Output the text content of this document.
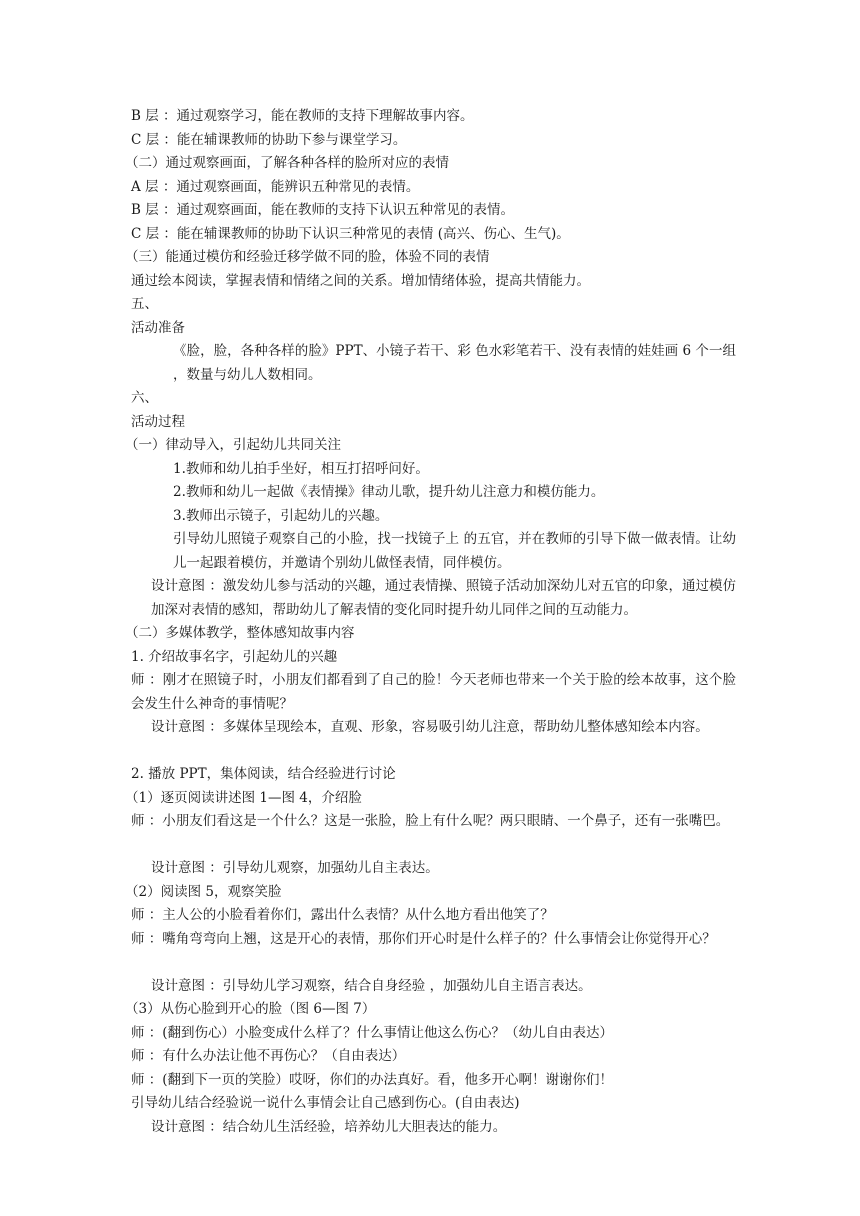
B 层 ：通过观察学习，能在教师的支持下理解故事内容。
C 层 ：能在辅课教师的协助下参与课堂学习。
（二）通过观察画面，了解各种各样的脸所对应的表情
A 层 ：通过观察画面，能辨识五种常见的表情。
B 层 ：通过观察画面，能在教师的支持下认识五种常见的表情。
C 层 ：能在辅课教师的协助下认识三种常见的表情 (高兴、伤心、生气)。
（三）能通过模仿和经验迁移学做不同的脸，体验不同的表情
通过绘本阅读，掌握表情和情绪之间的关系。增加情绪体验，提高共情能力。
五、
活动准备
《脸，脸，各种各样的脸》PPT、小镜子若干、彩 色水彩笔若干、没有表情的娃娃画 6 个一组 ，数量与幼儿人数相同。
六、
活动过程
（一）律动导入，引起幼儿共同关注
1.教师和幼儿拍手坐好，相互打招呼问好。
2.教师和幼儿一起做《表情操》律动儿歌，提升幼儿注意力和模仿能力。
3.教师出示镜子，引起幼儿的兴趣。
引导幼儿照镜子观察自己的小脸，找一找镜子上 的五官，并在教师的引导下做一做表情。让幼儿一起跟着模仿，并邀请个别幼儿做怪表情，同伴模仿。
设计意图 ：激发幼儿参与活动的兴趣，通过表情操、照镜子活动加深幼儿对五官的印象，通过模仿加深对表情的感知，帮助幼儿了解表情的变化同时提升幼儿同伴之间的互动能力。
（二）多媒体教学，整体感知故事内容
1. 介绍故事名字，引起幼儿的兴趣
师 ：刚才在照镜子时，小朋友们都看到了自己的脸！今天老师也带来一个关于脸的绘本故事，这个脸会发生什么神奇的事情呢？
设计意图 ：多媒体呈现绘本，直观、形象，容易吸引幼儿注意，帮助幼儿整体感知绘本内容。
2. 播放 PPT，集体阅读，结合经验进行讨论
（1）逐页阅读讲述图 1—图 4，介绍脸
师 ：小朋友们看这是一个什么？这是一张脸，脸上有什么呢？两只眼睛、一个鼻子，还有一张嘴巴。
设计意图 ：引导幼儿观察，加强幼儿自主表达。
（2）阅读图 5，观察笑脸
师 ：主人公的小脸看着你们，露出什么表情？从什么地方看出他笑了？
师 ：嘴角弯弯向上翘，这是开心的表情，那你们开心时是什么样子的？什么事情会让你觉得开心？
设计意图 ：引导幼儿学习观察，结合自身经验 ，加强幼儿自主语言表达。
（3）从伤心脸到开心的脸（图 6—图 7）
师 ：(翻到伤心）小脸变成什么样了？什么事情让他这么伤心？（幼儿自由表达）
师 ：有什么办法让他不再伤心？（自由表达）
师 ：(翻到下一页的笑脸）哎呀，你们的办法真好。看，他多开心啊！谢谢你们！
引导幼儿结合经验说一说什么事情会让自己感到伤心。(自由表达)
设计意图 ：结合幼儿生活经验，培养幼儿大胆表达的能力。
